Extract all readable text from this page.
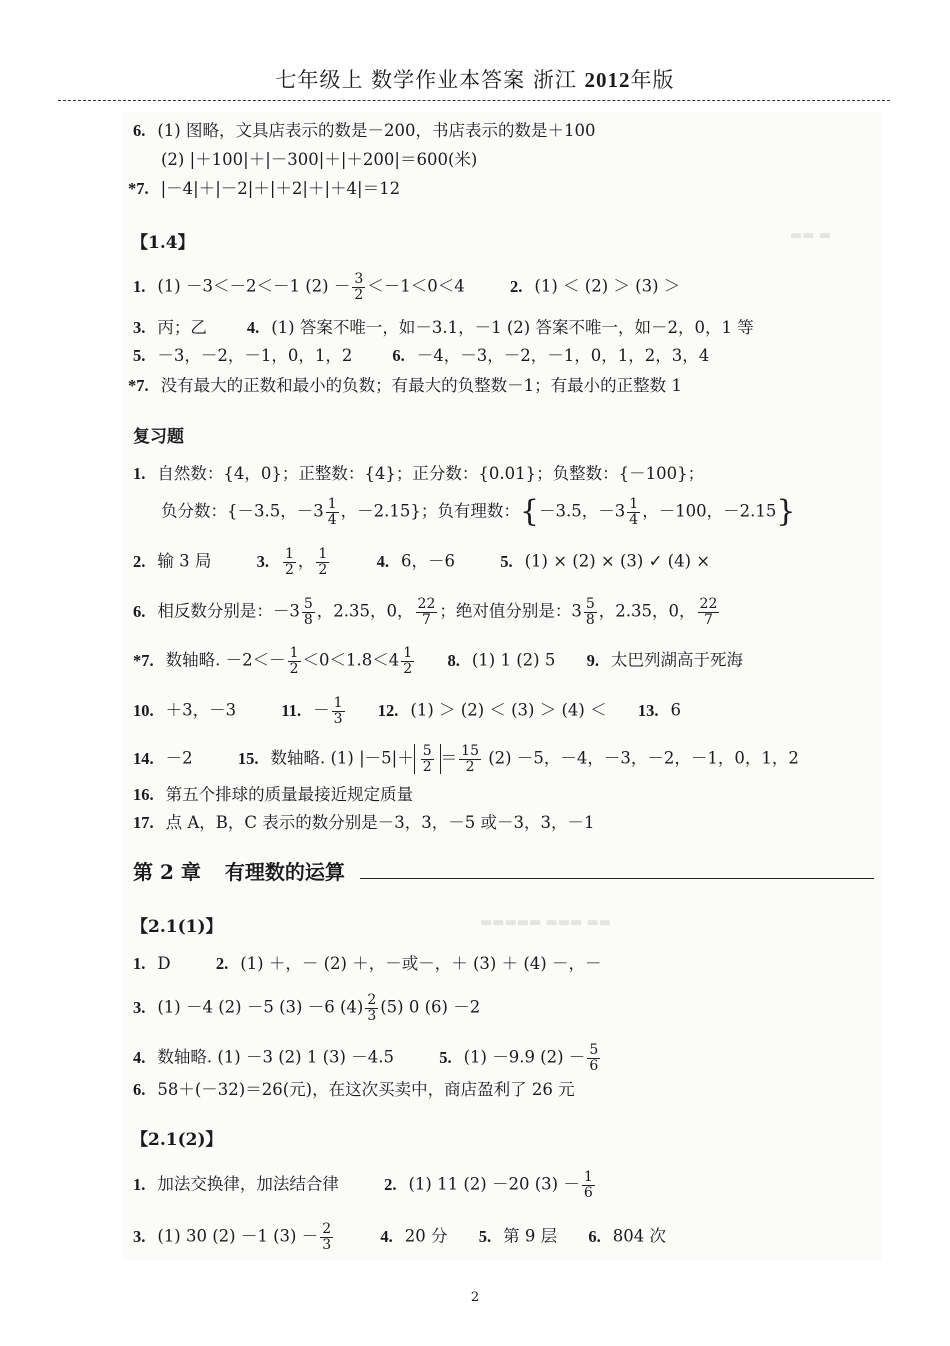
七年级上 数学作业本答案 浙江 2012年版
▬▬ ▬
▬▬▬▬▬ ▬▬▬ ▬▬
6. (1) 图略，文具店表示的数是－200，书店表示的数是＋100
(2) |＋100|＋|－300|＋|＋200|＝600(米)
*7. |－4|＋|－2|＋|＋2|＋|＋4|＝12
【1.4】
1. (1) －3＜－2＜－1 $(2) - \frac{3}{2} <-1<0<4$	2. (1) ＜ (2) ＞ (3) ＞
3. 丙；乙 4. (1) 答案不唯一，如－3.1，－1 (2) 答案不唯一，如－2，0，1 等
5. －3，－2，－1，0，1，2 6. －4，－3，－2，－1，0，1，2，3，4
*7. 没有最大的正数和最小的负数；有最大的负整数－1；有最小的正整数 1
复习题
1. 自然数：{4，0}；正整数：{4}；正分数：{0.01}；负整数：{－100}；
负分数：{－3.5，$-3 \frac{1}{4}$ ，－2.15}；负有理数：{－3.5，$-3 \frac{1}{4}$ ，－100，－2.15}
2. 输 3 局	3. $\frac{1}{2}$ ， $\frac{1}{2}$	4. 6，－6	5. (1) × (2) × (3) ✓ (4) ×
6. 相反数分别是：$-3 \frac{5}{8}$ ，2.35，0， $\frac{22}{7}$ ；绝对值分别是：$3 \frac{5}{8}$ ，2.35，0， $\frac{22}{7}$
*7. 数轴略. $-2<- \frac{1}{2} <0<1.8<4 \frac{1}{2} 8$. (1) 1 (2) 5 9. 太巴列湖高于死海
10. ＋3，－3	11. － $\frac{1}{3} 12$. (1) ＞ (2) ＜ (3) ＞ (4) ＜ 13. 6
14. －2	15. 数轴略. (1) $|-5|+ \frac{5}{2} = \frac{15}{2} (2) -5$，－4，－3，－2，－1，0，1，2
16. 第五个排球的质量最接近规定质量
17. 点 A，B，C 表示的数分别是－3，3，－5 或－3，3，－1
第 2 章 有理数的运算
【2.1(1)】
1. D	2. (1) ＋，－ (2) ＋，－或－，＋ (3) ＋ (4) －，－
3. (1) －4 (2) －5 (3) －6 $(4) \frac{2}{3} (5)$ 0 (6) －2
4. 数轴略. (1) －3 (2) 1 (3) －4.5	5. (1) －9.9 $(2) - \frac{5}{6}$
6. 58＋(－32)＝26(元)，在这次买卖中，商店盈利了 26 元
【2.1(2)】
1. 加法交换律，加法结合律	2. (1) 11 (2) －20 $(3) - \frac{1}{6}$
3. (1) 30 (2) －1 $(3) - \frac{2}{3}$	4. 20 分 5. 第 9 层 6. 804 次
2
